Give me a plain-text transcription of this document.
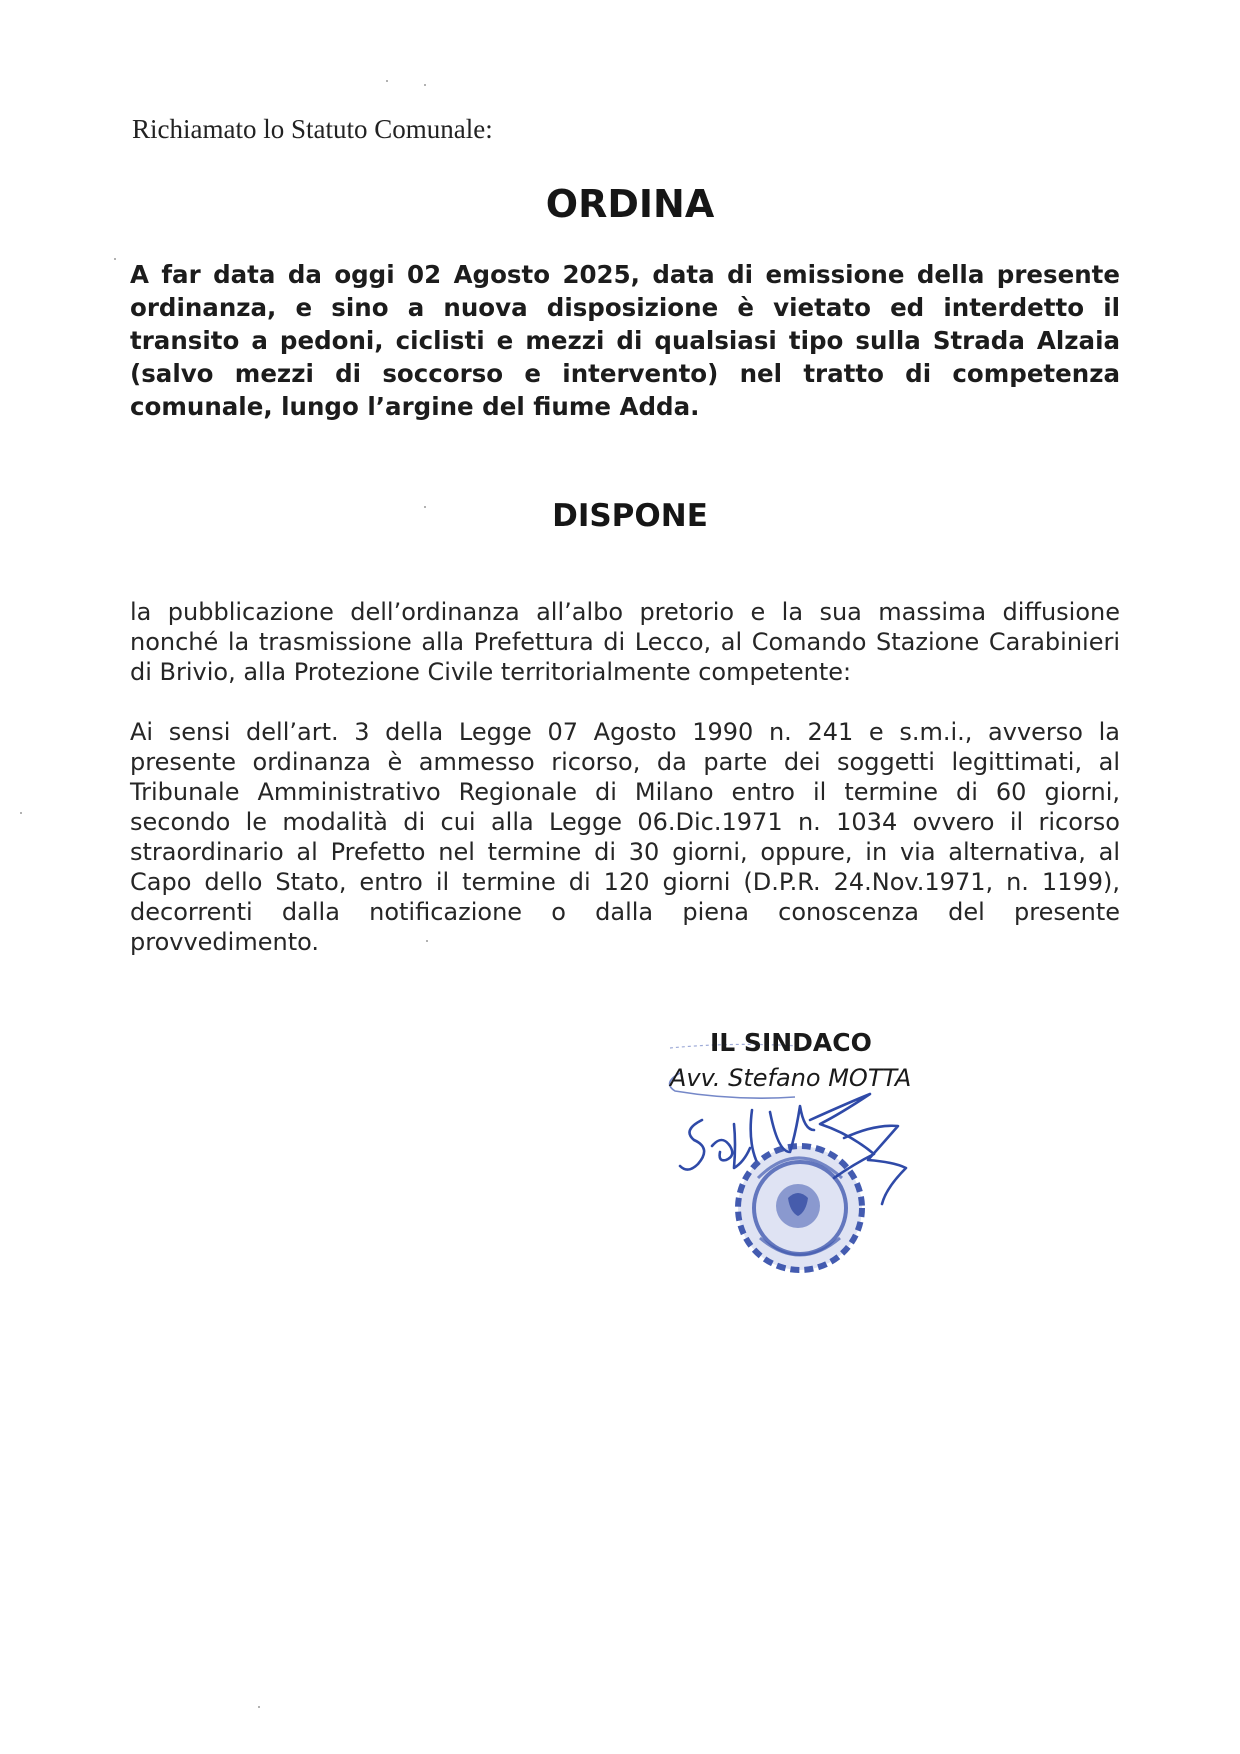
Richiamato lo Statuto Comunale:

ORDINA

A far data da oggi 02 Agosto 2025, data di emissione della presente ordinanza, e sino a nuova disposizione è vietato ed interdetto il transito a pedoni, ciclisti e mezzi di qualsiasi tipo sulla Strada Alzaia (salvo mezzi di soccorso e intervento) nel tratto di competenza comunale, lungo l’argine del fiume Adda.

DISPONE

la pubblicazione dell’ordinanza all’albo pretorio e la sua massima diffusione nonché la trasmissione alla Prefettura di Lecco, al Comando Stazione Carabinieri di Brivio, alla Protezione Civile territorialmente competente:

Ai sensi dell’art. 3 della Legge 07 Agosto 1990 n. 241 e s.m.i., avverso la presente ordinanza è ammesso ricorso, da parte dei soggetti legittimati, al Tribunale Amministrativo Regionale di Milano entro il termine di 60 giorni, secondo le modalità di cui alla Legge 06.Dic.1971 n. 1034 ovvero il ricorso straordinario al Prefetto nel termine di 30 giorni, oppure, in via alternativa, al Capo dello Stato, entro il termine di 120 giorni (D.P.R. 24.Nov.1971, n. 1199), decorrenti dalla notificazione o dalla piena conoscenza del presente provvedimento.

IL SINDACO

Avv. Stefano MOTTA
